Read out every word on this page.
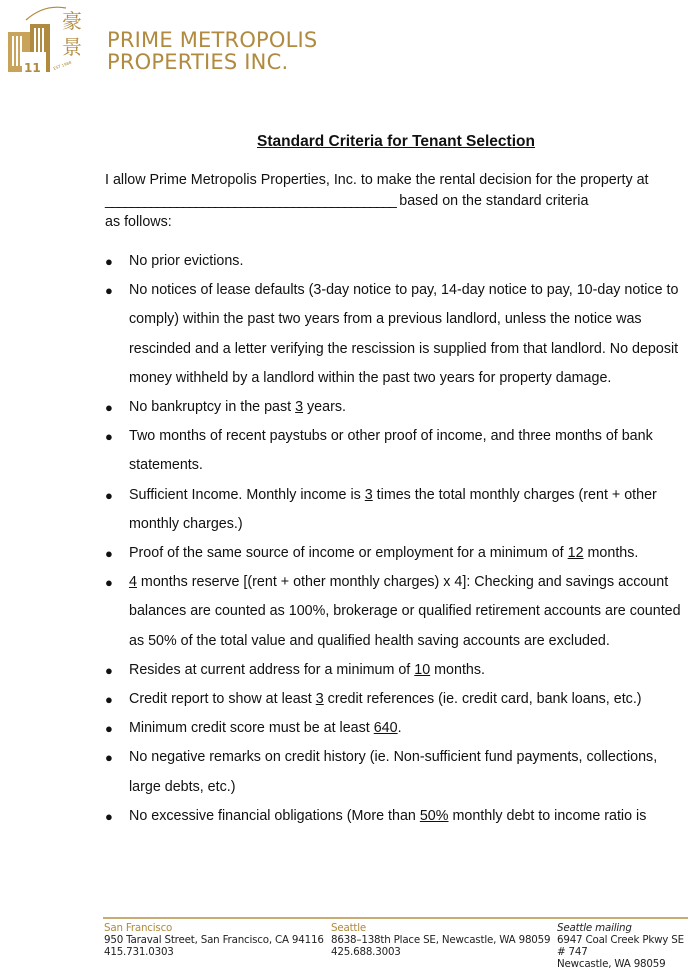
11
豪
景
EST 1988
PRIME METROPOLIS
PROPERTIES INC.
Standard Criteria for Tenant Selection

I allow Prime Metropolis Properties, Inc. to make the rental decision for the property at

_____________________________________________ based on the standard criteria

as follows:

● No prior evictions.
● No notices of lease defaults (3-day notice to pay, 14-day notice to pay, 10-day notice to comply) within the past two years from a previous landlord, unless the notice was rescinded and a letter verifying the rescission is supplied from that landlord. No deposit money withheld by a landlord within the past two years for property damage.
● No bankruptcy in the past 3 years.
● Two months of recent paystubs or other proof of income, and three months of bank statements.
● Sufficient Income. Monthly income is 3 times the total monthly charges (rent + other monthly charges.)
● Proof of the same source of income or employment for a minimum of 12 months.
● 4 months reserve [(rent + other monthly charges) x 4]: Checking and savings account balances are counted as 100%, brokerage or qualified retirement accounts are counted as 50% of the total value and qualified health saving accounts are excluded.
● Resides at current address for a minimum of 10 months.
● Credit report to show at least 3 credit references (ie. credit card, bank loans, etc.)
● Minimum credit score must be at least 640.
● No negative remarks on credit history (ie. Non-sufficient fund payments, collections, large debts, etc.)
● No excessive financial obligations (More than 50% monthly debt to income ratio is
San Francisco
950 Taraval Street, San Francisco, CA 94116
415.731.0303
Seattle
8638–138th Place SE, Newcastle, WA 98059
425.688.3003
Seattle mailing
6947 Coal Creek Pkwy SE # 747
Newcastle, WA 98059
